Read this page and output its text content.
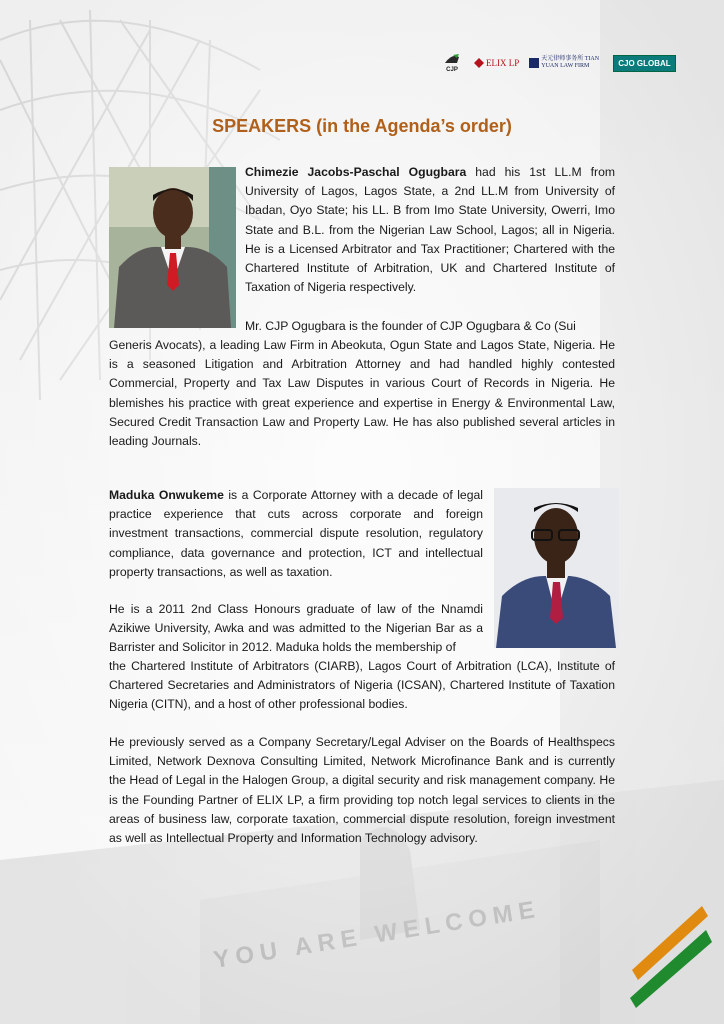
CJP
ELIX LP	天元律师事务所 TIAN YUAN LAW FIRM	CJO GLOBAL
SPEAKERS (in the Agenda’s order)
Chimezie Jacobs-Paschal Ogugbara had his 1st LL.M from University of Lagos, Lagos State, a 2nd LL.M from University of Ibadan, Oyo State; his LL. B from Imo State University, Owerri, Imo State and B.L. from the Nigerian Law School, Lagos; all in Nigeria. He is a Licensed Arbitrator and Tax Practitioner; Chartered with the Chartered Institute of Arbitration, UK and Chartered Institute of Taxation of Nigeria respectively.
Mr. CJP Ogugbara is the founder of CJP Ogugbara & Co (Sui
Generis Avocats), a leading Law Firm in Abeokuta, Ogun State and Lagos State, Nigeria. He is a seasoned Litigation and Arbitration Attorney and had handled highly contested Commercial, Property and Tax Law Disputes in various Court of Records in Nigeria. He blemishes his practice with great experience and expertise in Energy & Environmental Law, Secured Credit Transaction Law and Property Law. He has also published several articles in leading Journals.
Maduka Onwukeme is a Corporate Attorney with a decade of legal practice experience that cuts across corporate and foreign investment transactions, commercial dispute resolution, regulatory compliance, data governance and protection, ICT and intellectual property transactions, as well as taxation.
He is a 2011 2nd Class Honours graduate of law of the Nnamdi Azikiwe University, Awka and was admitted to the Nigerian Bar as a Barrister and Solicitor in 2012. Maduka holds the membership of
the Chartered Institute of Arbitrators (CIARB), Lagos Court of Arbitration (LCA), Institute of Chartered Secretaries and Administrators of Nigeria (ICSAN), Chartered Institute of Taxation Nigeria (CITN), and a host of other professional bodies.
He previously served as a Company Secretary/Legal Adviser on the Boards of Healthspecs Limited, Network Dexnova Consulting Limited, Network Microfinance Bank and is currently the Head of Legal in the Halogen Group, a digital security and risk management company. He is the Founding Partner of ELIX LP, a firm providing top notch legal services to clients in the areas of business law, corporate taxation, commercial dispute resolution, foreign investment as well as Intellectual Property and Information Technology advisory.
